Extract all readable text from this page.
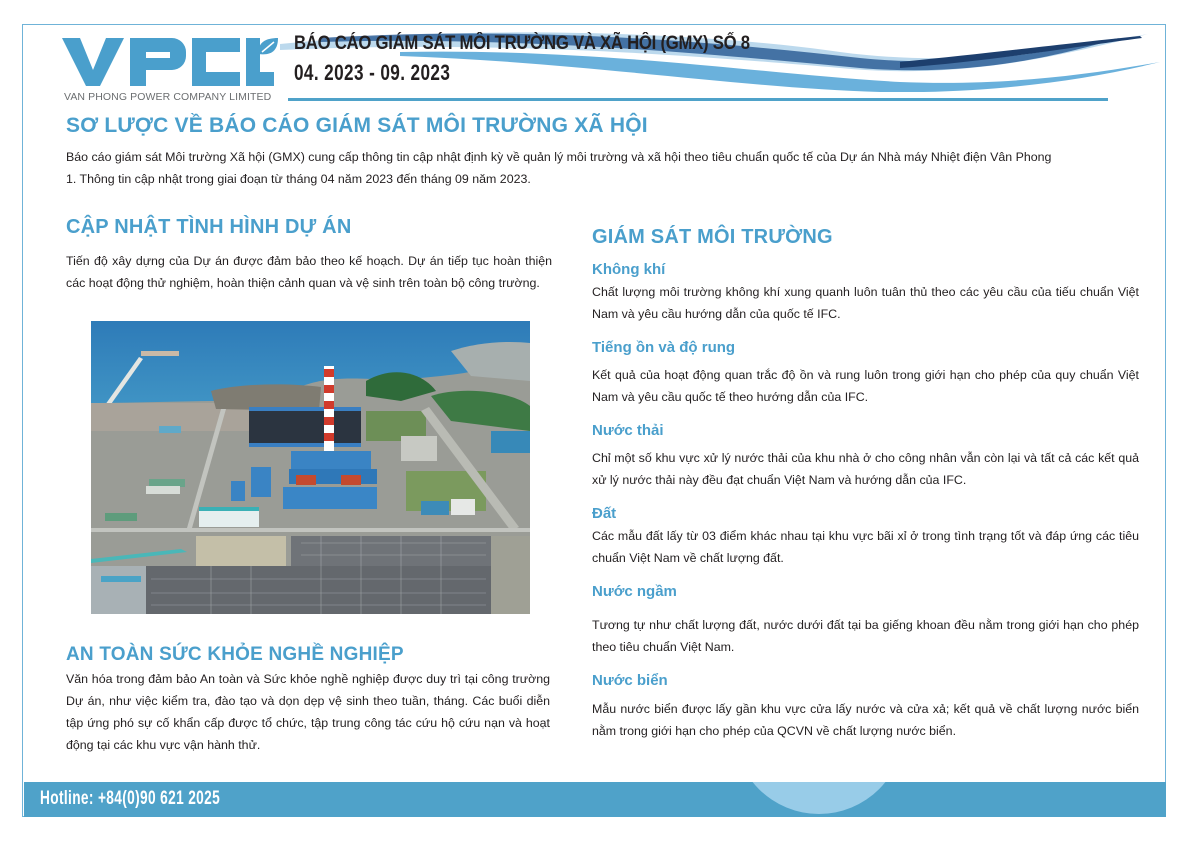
VAN PHONG POWER COMPANY LIMITED
BÁO CÁO GIÁM SÁT MÔI TRƯỜNG VÀ XÃ HỘI (GMX) SỐ 8
04. 2023 - 09. 2023
SƠ LƯỢC VỀ BÁO CÁO GIÁM SÁT MÔI TRƯỜNG XÃ HỘI
Báo cáo giám sát Môi trường Xã hội (GMX) cung cấp thông tin cập nhật định kỳ về quản lý môi trường và xã hội theo tiêu chuẩn quốc tế của Dự án Nhà máy Nhiệt điện Vân Phong
1. Thông tin cập nhật trong giai đoạn từ tháng 04 năm 2023 đến tháng 09 năm 2023.
CẬP NHẬT TÌNH HÌNH DỰ ÁN
Tiến độ xây dựng của Dự án được đảm bảo theo kế hoạch. Dự án tiếp tục hoàn thiện các hoạt động thử nghiệm, hoàn thiện cảnh quan và vệ sinh trên toàn bộ công trường.
AN TOÀN SỨC KHỎE NGHỀ NGHIỆP
Văn hóa trong đảm bảo An toàn và Sức khỏe nghề nghiệp được duy trì tại công trường Dự án, như việc kiểm tra, đào tạo và dọn dẹp vệ sinh theo tuần, tháng. Các buổi diễn tập ứng phó sự cố khẩn cấp được tổ chức, tập trung công tác cứu hộ cứu nạn và hoạt động tại các khu vực vận hành thử.
GIÁM SÁT MÔI TRƯỜNG
Không khí
Chất lượng môi trường không khí xung quanh luôn tuân thủ theo các yêu cầu của tiếu chuẩn Việt Nam và yêu cầu hướng dẫn của quốc tế IFC.
Tiếng ồn và độ rung
Kết quả của hoạt động quan trắc độ ồn và rung luôn trong giới hạn cho phép của quy chuẩn Việt Nam và yêu cầu quốc tế theo hướng dẫn của IFC.
Nước thải
Chỉ một số khu vực xử lý nước thải của khu nhà ở cho công nhân vẫn còn lại và tất cả các kết quả xử lý nước thải này đều đạt chuẩn Việt Nam và hướng dẫn của IFC.
Đất
Các mẫu đất lấy từ 03 điểm khác nhau tại khu vực bãi xỉ ở trong tình trạng tốt và đáp ứng các tiêu chuẩn Việt Nam về chất lượng đất.
Nước ngầm
Tương tự như chất lượng đất, nước dưới đất tại ba giếng khoan đều nằm trong giới hạn cho phép theo tiêu chuẩn Việt Nam.
Nước biển
Mẫu nước biển được lấy gần khu vực cửa lấy nước và cửa xả; kết quả về chất lượng nước biển nằm trong giới hạn cho phép của QCVN về chất lượng nước biển.
Hotline: +84(0)90 621 2025
